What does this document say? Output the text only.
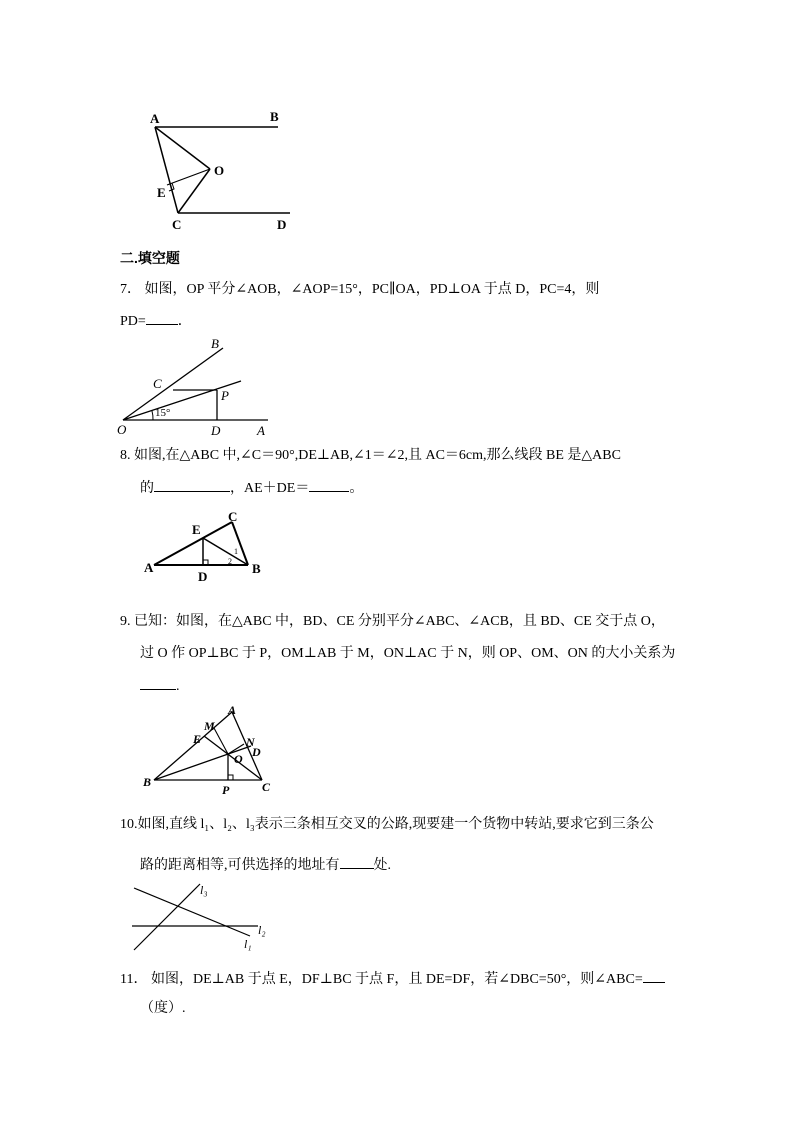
A	B
C	D
E
O
二.填空题
7． 如图，OP 平分∠AOB，∠AOP=15°，PC∥OA，PD⊥OA 于点 D，PC=4，则
PD= ．
B
C
P
O	D	A
15°
8. 如图,在△ABC 中,∠C＝90°,DE⊥AB,∠1＝∠2,且 AC＝6cm,那么线段 BE 是△ABC
的	，AE＋DE＝	。
A	B
C
D
E
1
2
9. 已知：如图，在△ABC 中，BD、CE 分别平分∠ABC、∠ACB，且 BD、CE 交于点 O，
过 O 作 OP⊥BC 于 P，OM⊥AB 于 M，ON⊥AC 于 N，则 OP、OM、ON 的大小关系为
.
A
B	C
D
E
M
N
O
P
10.如图,直线 l₁、l₂、l₃表示三条相互交叉的公路,现要建一个货物中转站,要求它到三条公
路的距离相等,可供选择的地址有 处.
l₃
l₂
l₁
11． 如图，DE⊥AB 于点 E，DF⊥BC 于点 F，且 DE=DF，若∠DBC=50°，则∠ABC=
（度）.
